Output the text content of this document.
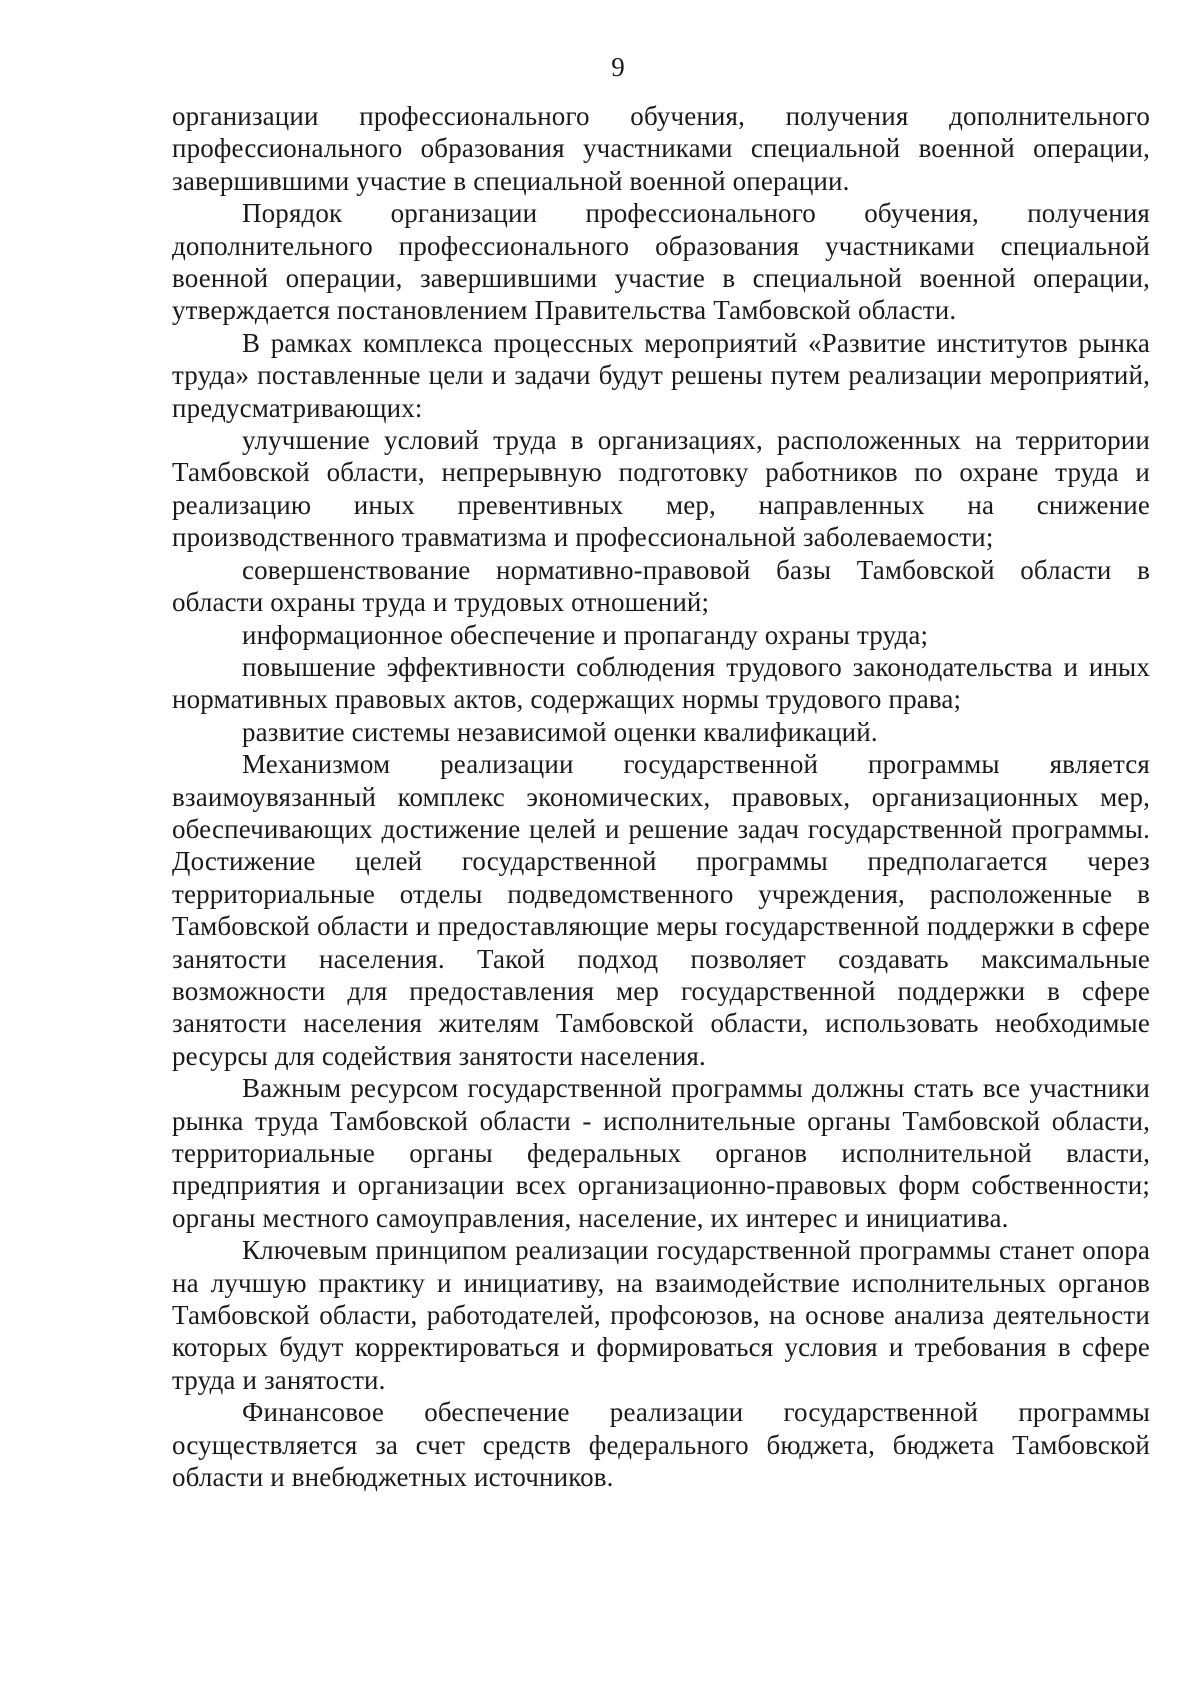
9

организации профессионального обучения, получения дополнительного профессионального образования участниками специальной военной операции, завершившими участие в специальной военной операции.

Порядок организации профессионального обучения, получения дополнительного профессионального образования участниками специальной военной операции, завершившими участие в специальной военной операции, утверждается постановлением Правительства Тамбовской области.

В рамках комплекса процессных мероприятий «Развитие институтов рынка труда» поставленные цели и задачи будут решены путем реализации мероприятий, предусматривающих:

улучшение условий труда в организациях, расположенных на территории Тамбовской области, непрерывную подготовку работников по охране труда и реализацию иных превентивных мер, направленных на снижение производственного травматизма и профессиональной заболеваемости;

совершенствование нормативно-правовой базы Тамбовской области в области охраны труда и трудовых отношений;

информационное обеспечение и пропаганду охраны труда;

повышение эффективности соблюдения трудового законодательства и иных нормативных правовых актов, содержащих нормы трудового права;

развитие системы независимой оценки квалификаций.

Механизмом реализации государственной программы является взаимоувязанный комплекс экономических, правовых, организационных мер, обеспечивающих достижение целей и решение задач государственной программы. Достижение целей государственной программы предполагается через территориальные отделы подведомственного учреждения, расположенные в Тамбовской области и предоставляющие меры государственной поддержки в сфере занятости населения. Такой подход позволяет создавать максимальные возможности для предоставления мер государственной поддержки в сфере занятости населения жителям Тамбовской области, использовать необходимые ресурсы для содействия занятости населения.

Важным ресурсом государственной программы должны стать все участники рынка труда Тамбовской области - исполнительные органы Тамбовской области, территориальные органы федеральных органов исполнительной власти, предприятия и организации всех организационно-правовых форм собственности; органы местного самоуправления, население, их интерес и инициатива.

Ключевым принципом реализации государственной программы станет опора на лучшую практику и инициативу, на взаимодействие исполнительных органов Тамбовской области, работодателей, профсоюзов, на основе анализа деятельности которых будут корректироваться и формироваться условия и требования в сфере труда и занятости.

Финансовое обеспечение реализации государственной программы осуществляется за счет средств федерального бюджета, бюджета Тамбовской области и внебюджетных источников.
